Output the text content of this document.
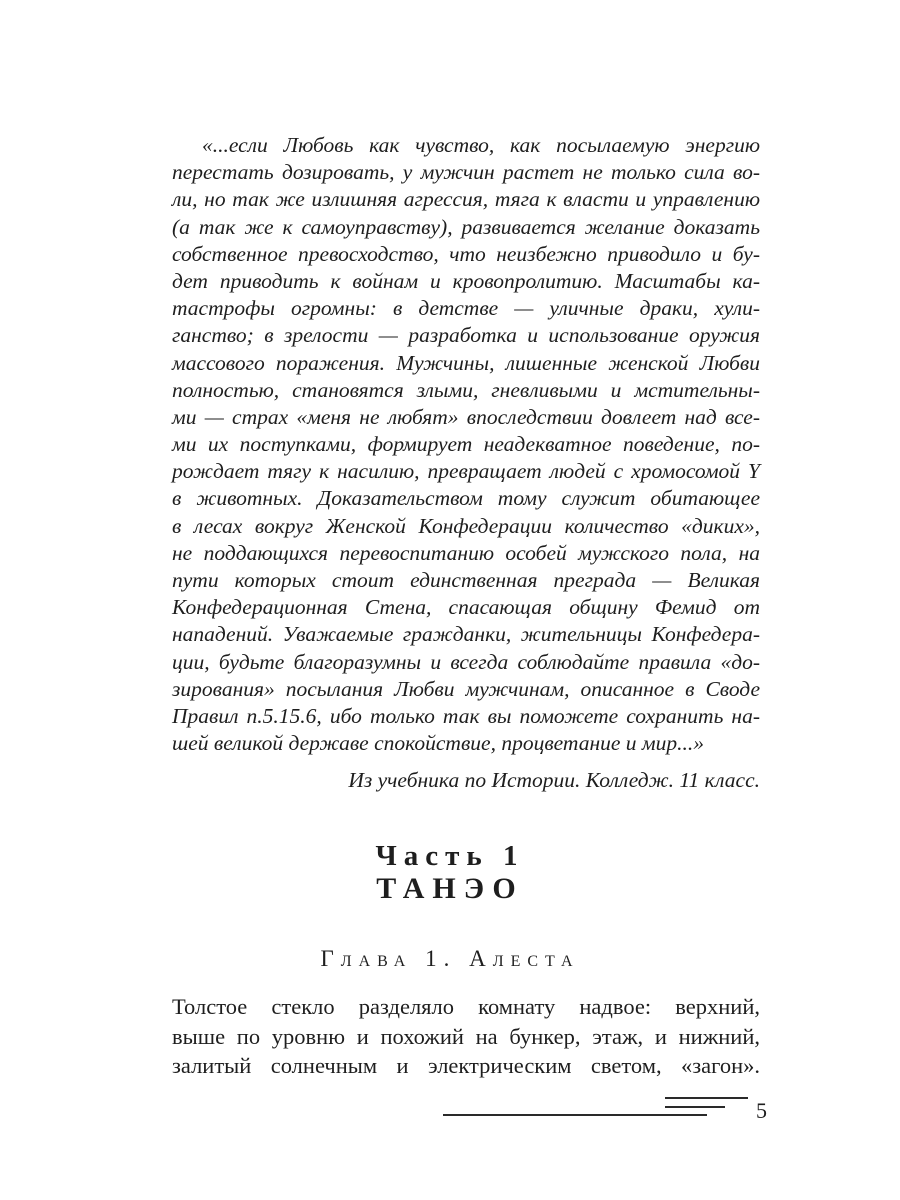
«...если Любовь как чувство, как посылаемую энергию
перестать дозировать, у мужчин растет не только сила во-
ли, но так же излишняя агрессия, тяга к власти и управлению
(а так же к самоуправству), развивается желание доказать
собственное превосходство, что неизбежно приводило и бу-
дет приводить к войнам и кровопролитию. Масштабы ка-
тастрофы огромны: в детстве — уличные драки, хули-
ганство; в зрелости — разработка и использование оружия
массового поражения. Мужчины, лишенные женской Любви
полностью, становятся злыми, гневливыми и мстительны-
ми — страх «меня не любят» впоследствии довлеет над все-
ми их поступками, формирует неадекватное поведение, по-
рождает тягу к насилию, превращает людей с хромосомой Y
в животных. Доказательством тому служит обитающее
в лесах вокруг Женской Конфедерации количество «диких»,
не поддающихся перевоспитанию особей мужского пола, на
пути которых стоит единственная преграда — Великая
Конфедерационная Стена, спасающая общину Фемид от
нападений. Уважаемые гражданки, жительницы Конфедера-
ции, будьте благоразумны и всегда соблюдайте правила «до-
зирования» посылания Любви мужчинам, описанное в Своде
Правил п.5.15.6, ибо только так вы поможете сохранить на-
шей великой державе спокойствие, процветание и мир...»
Из учебника по Истории. Колледж. 11 класс.
Часть 1
ТАНЭО
Глава 1. Алеста
Толстое стекло разделяло комнату надвое: верхний,
выше по уровню и похожий на бункер, этаж, и нижний,
залитый солнечным и электрическим светом, «загон».
5
